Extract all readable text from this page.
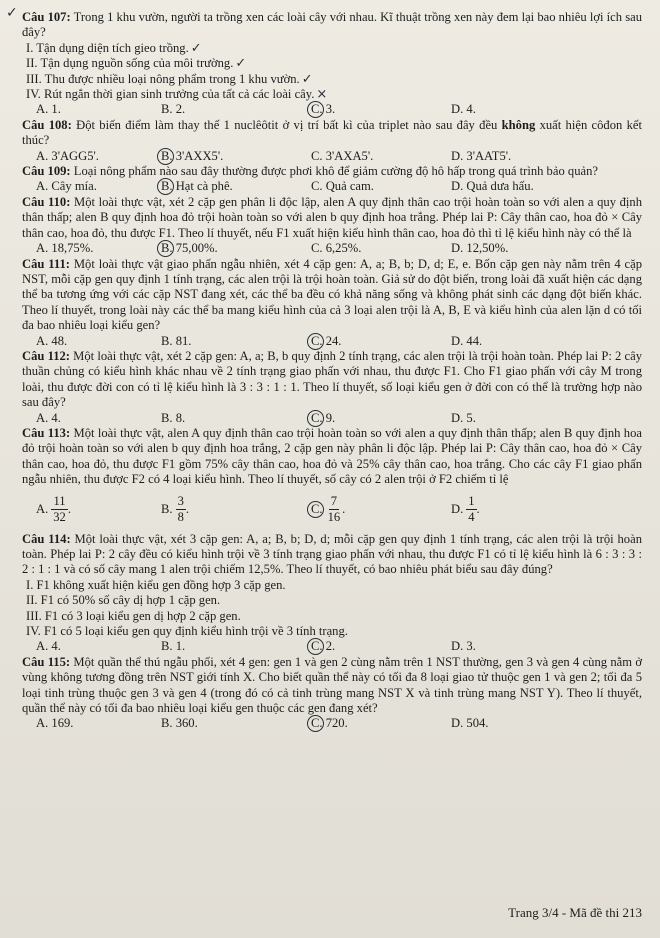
✓ Câu 107: Trong 1 khu vườn, người ta trồng xen các loài cây với nhau. Kĩ thuật trồng xen này đem lại bao nhiêu lợi ích sau đây?

I. Tận dụng diện tích gieo trồng. ✓

II. Tận dụng nguồn sống của môi trường. ✓

III. Thu được nhiều loại nông phẩm trong 1 khu vườn. ✓

IV. Rút ngắn thời gian sinh trưởng của tất cả các loài cây. ×

A. 1.	B. 2.	C. 3.	D. 4.

Câu 108: Đột biến điểm làm thay thế 1 nuclêôtit ở vị trí bất kì của triplet nào sau đây đều không xuất hiện côđon kết thúc?

A. 3'AGG5'.	B. 3'AXX5'.	C. 3'AXA5'.	D. 3'AAT5'.

Câu 109: Loại nông phẩm nào sau đây thường được phơi khô để giảm cường độ hô hấp trong quá trình bảo quản?

A. Cây mía.	B. Hạt cà phê.	C. Quả cam.	D. Quả dưa hấu.

Câu 110: Một loài thực vật, xét 2 cặp gen phân li độc lập, alen A quy định thân cao trội hoàn toàn so với alen a quy định thân thấp; alen B quy định hoa đỏ trội hoàn toàn so với alen b quy định hoa trắng. Phép lai P: Cây thân cao, hoa đỏ × Cây thân cao, hoa đỏ, thu được F1. Theo lí thuyết, nếu F1 xuất hiện kiểu hình thân cao, hoa đỏ thì tỉ lệ kiểu hình này có thể là

A. 18,75%.	B. 75,00%.	C. 6,25%.	D. 12,50%.

Câu 111: Một loài thực vật giao phấn ngẫu nhiên, xét 4 cặp gen: A, a; B, b; D, d; E, e. Bốn cặp gen này nằm trên 4 cặp NST, mỗi cặp gen quy định 1 tính trạng, các alen trội là trội hoàn toàn. Giả sử do đột biến, trong loài đã xuất hiện các dạng thể ba tương ứng với các cặp NST đang xét, các thể ba đều có khả năng sống và không phát sinh các dạng đột biến khác. Theo lí thuyết, trong loài này các thể ba mang kiểu hình của cả 3 loại alen trội là A, B, E và kiểu hình của alen lặn d có tối đa bao nhiêu loại kiểu gen?

A. 48.	B. 81.	C. 24.	D. 44.

Câu 112: Một loài thực vật, xét 2 cặp gen: A, a; B, b quy định 2 tính trạng, các alen trội là trội hoàn toàn. Phép lai P: 2 cây thuần chủng có kiểu hình khác nhau về 2 tính trạng giao phấn với nhau, thu được F1. Cho F1 giao phấn với cây M trong loài, thu được đời con có tỉ lệ kiểu hình là 3 : 3 : 1 : 1. Theo lí thuyết, số loại kiểu gen ở đời con có thể là trường hợp nào sau đây?

A. 4.	B. 8.	C. 9.	D. 5.

Câu 113: Một loài thực vật, alen A quy định thân cao trội hoàn toàn so với alen a quy định thân thấp; alen B quy định hoa đỏ trội hoàn toàn so với alen b quy định hoa trắng, 2 cặp gen này phân li độc lập. Phép lai P: Cây thân cao, hoa đỏ × Cây thân cao, hoa đỏ, thu được F1 gồm 75% cây thân cao, hoa đỏ và 25% cây thân cao, hoa trắng. Cho các cây F1 giao phấn ngẫu nhiên, thu được F2 có 4 loại kiểu hình. Theo lí thuyết, số cây có 2 alen trội ở F2 chiếm tỉ lệ

A. $\frac{11}{32}$ .	B. $\frac{3}{8}$ .	C. $\frac{7}{16}$ .	D. $\frac{1}{4}$ .

Câu 114: Một loài thực vật, xét 3 cặp gen: A, a; B, b; D, d; mỗi cặp gen quy định 1 tính trạng, các alen trội là trội hoàn toàn. Phép lai P: 2 cây đều có kiểu hình trội về 3 tính trạng giao phấn với nhau, thu được F1 có tỉ lệ kiểu hình là 6 : 3 : 3 : 2 : 1 : 1 và có số cây mang 1 alen trội chiếm 12,5%. Theo lí thuyết, có bao nhiêu phát biểu sau đây đúng?

I. F1 không xuất hiện kiểu gen đồng hợp 3 cặp gen.

II. F1 có 50% số cây dị hợp 1 cặp gen.

III. F1 có 3 loại kiểu gen dị hợp 2 cặp gen.

IV. F1 có 5 loại kiểu gen quy định kiểu hình trội về 3 tính trạng.

A. 4.	B. 1.	C. 2.	D. 3.

Câu 115: Một quần thể thú ngẫu phối, xét 4 gen: gen 1 và gen 2 cùng nằm trên 1 NST thường, gen 3 và gen 4 cùng nằm ở vùng không tương đồng trên NST giới tính X. Cho biết quần thể này có tối đa 8 loại giao tử thuộc gen 1 và gen 2; tối đa 5 loại tinh trùng thuộc gen 3 và gen 4 (trong đó có cả tinh trùng mang NST X và tinh trùng mang NST Y). Theo lí thuyết, quần thể này có tối đa bao nhiêu loại kiểu gen thuộc các gen đang xét?

A. 169.	B. 360.	C. 720.	D. 504.
Trang 3/4 - Mã đề thi 213
